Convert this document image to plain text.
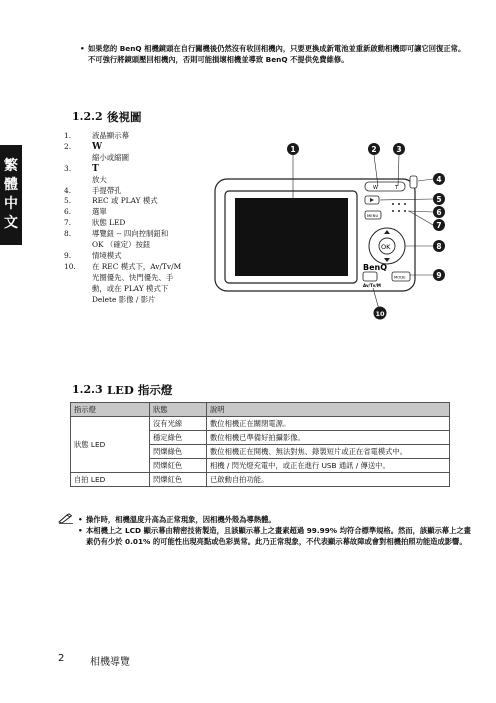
繁
體
中
文
• 如果您的 BenQ 相機鏡頭在自行關機後仍然沒有收回相機內，只要更換成新電池並重新啟動相機即可讓它回復正常。不可強行將鏡頭壓回相機內，否則可能損壞相機並導致 BenQ 不提供免費維修。
1.2.2 後視圖
1.	液晶顯示幕
2. W
縮小或縮圖
3. T
放大
4.	手提帶孔
5.	REC 或 PLAY 模式
6.	選單
7.	狀態 LED
8.	導覽鈕 -- 四向控制鈕和
OK （確定）按鈕
9.	情境模式
10. 在 REC 模式下，Av/Tv/M
光圈優先、快門優先、手
動，或在 PLAY 模式下
Delete 影像 / 影片
BenQ
W	T
MENU
OK
MODE
Av/Tv/M
1	2	3
4
5
6
7
8
9
10
1.2.3 LED 指示燈
指示燈	狀態	說明
狀態 LED	沒有光線	數位相機正在關閉電源。
	穩定綠色	數位相機已準備好拍攝影像。
	閃爍綠色	數位相機正在開機、無法對焦、錄製短片或正在省電模式中。
	閃爍紅色	相機 / 閃光燈充電中，或正在進行 USB 通訊 / 傳送中。
自拍 LED	閃爍紅色	已啟動自拍功能。
• 操作時，相機溫度升高為正常現象，因相機外殼為導熱體。
• 本相機上之 LCD 顯示幕由精密技術製造，且該顯示幕上之畫素超過 99.99% 均符合標準規格。然而，該顯示幕上之畫素仍有少於 0.01% 的可能性出現亮點或色彩異常。此乃正常現象，不代表顯示幕故障或會對相機拍照功能造成影響。
2	相機導覽
